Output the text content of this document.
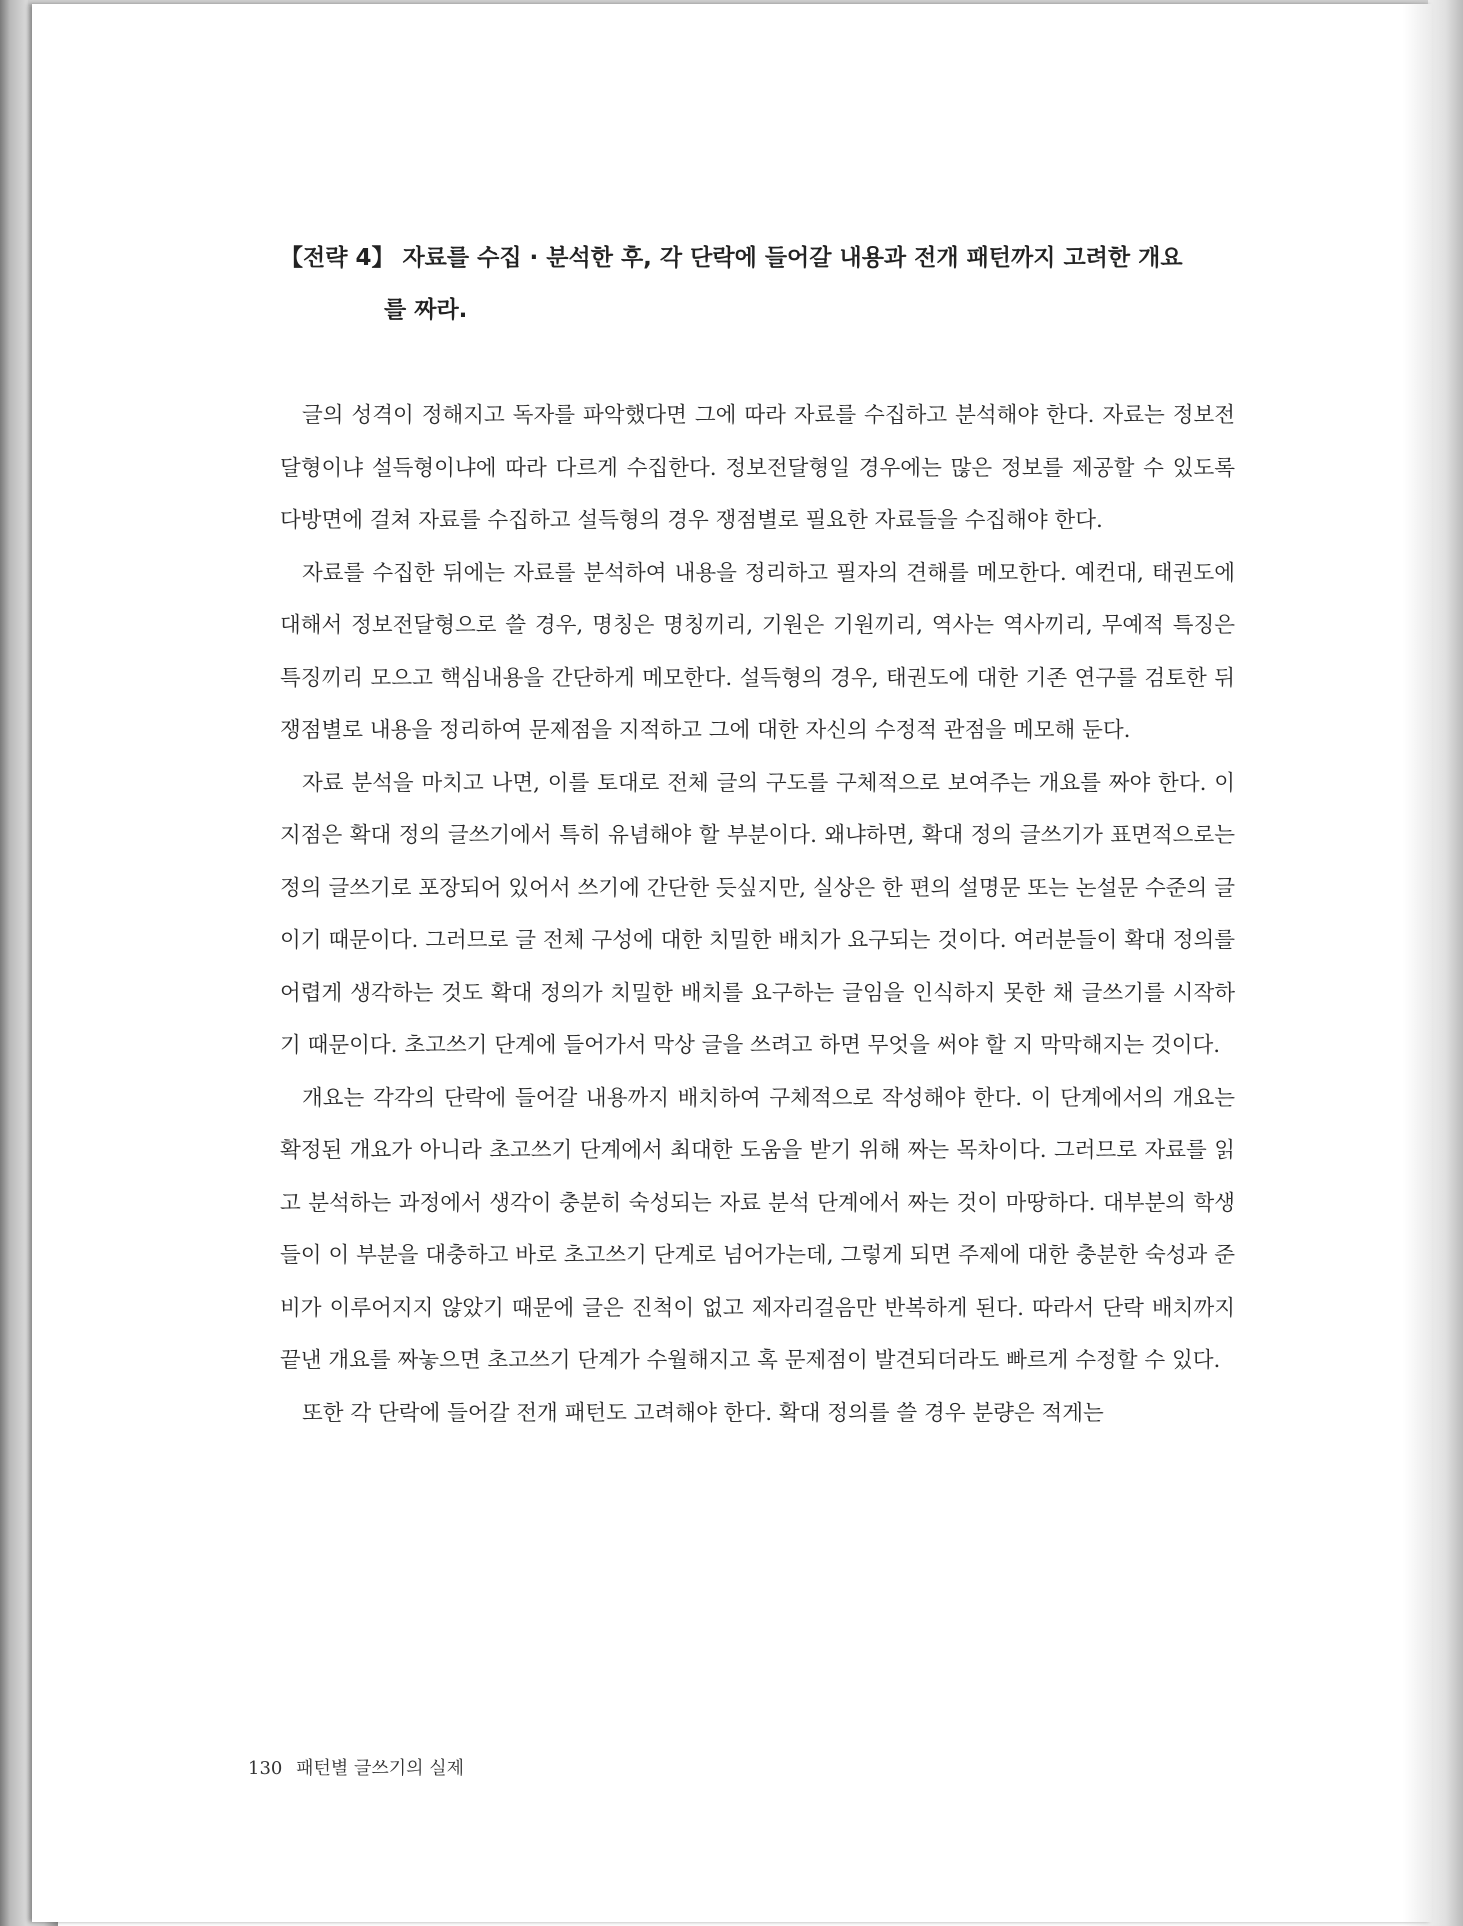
【전략 4】 자료를 수집 · 분석한 후, 각 단락에 들어갈 내용과 전개 패턴까지 고려한 개요
를 짜라.

글의 성격이 정해지고 독자를 파악했다면 그에 따라 자료를 수집하고 분석해야 한다. 자료는 정보전달형이냐 설득형이냐에 따라 다르게 수집한다. 정보전달형일 경우에는 많은 정보를 제공할 수 있도록 다방면에 걸쳐 자료를 수집하고 설득형의 경우 쟁점별로 필요한 자료들을 수집해야 한다.

자료를 수집한 뒤에는 자료를 분석하여 내용을 정리하고 필자의 견해를 메모한다. 예컨대, 태권도에 대해서 정보전달형으로 쓸 경우, 명칭은 명칭끼리, 기원은 기원끼리, 역사는 역사끼리, 무예적 특징은 특징끼리 모으고 핵심내용을 간단하게 메모한다. 설득형의 경우, 태권도에 대한 기존 연구를 검토한 뒤 쟁점별로 내용을 정리하여 문제점을 지적하고 그에 대한 자신의 수정적 관점을 메모해 둔다.

자료 분석을 마치고 나면, 이를 토대로 전체 글의 구도를 구체적으로 보여주는 개요를 짜야 한다. 이 지점은 확대 정의 글쓰기에서 특히 유념해야 할 부분이다. 왜냐하면, 확대 정의 글쓰기가 표면적으로는 정의 글쓰기로 포장되어 있어서 쓰기에 간단한 듯싶지만, 실상은 한 편의 설명문 또는 논설문 수준의 글이기 때문이다. 그러므로 글 전체 구성에 대한 치밀한 배치가 요구되는 것이다. 여러분들이 확대 정의를 어렵게 생각하는 것도 확대 정의가 치밀한 배치를 요구하는 글임을 인식하지 못한 채 글쓰기를 시작하기 때문이다. 초고쓰기 단계에 들어가서 막상 글을 쓰려고 하면 무엇을 써야 할 지 막막해지는 것이다.

개요는 각각의 단락에 들어갈 내용까지 배치하여 구체적으로 작성해야 한다. 이 단계에서의 개요는 확정된 개요가 아니라 초고쓰기 단계에서 최대한 도움을 받기 위해 짜는 목차이다. 그러므로 자료를 읽고 분석하는 과정에서 생각이 충분히 숙성되는 자료 분석 단계에서 짜는 것이 마땅하다. 대부분의 학생들이 이 부분을 대충하고 바로 초고쓰기 단계로 넘어가는데, 그렇게 되면 주제에 대한 충분한 숙성과 준비가 이루어지지 않았기 때문에 글은 진척이 없고 제자리걸음만 반복하게 된다. 따라서 단락 배치까지 끝낸 개요를 짜놓으면 초고쓰기 단계가 수월해지고 혹 문제점이 발견되더라도 빠르게 수정할 수 있다.

또한 각 단락에 들어갈 전개 패턴도 고려해야 한다. 확대 정의를 쓸 경우 분량은 적게는

130 패턴별 글쓰기의 실제
